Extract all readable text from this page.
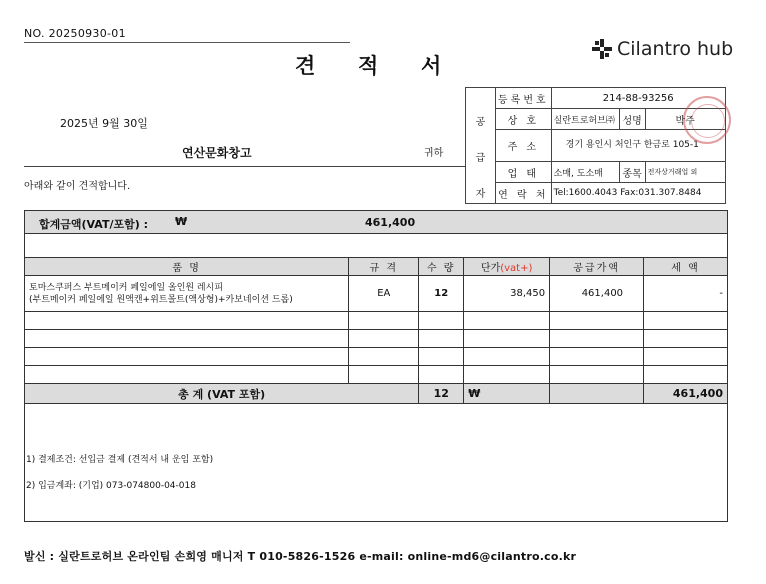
NO. 20250930-01
견 적 서
Cilantro hub
2025년 9월 30일
연산문화창고	귀하
아래와 같이 견적합니다.
공	등록번호	214-88-93256		
	상 호	실란트로허브㈜	성명	박주
급	주 소	경기 용인시 처인구 한금로 105-1		
	업 태	소매, 도소매	종목	전자상거래업 외
자	연 락 처	Tel:1600.4043 Fax:031.307.8484		
합계금액(VAT/포함) : ₩	461,400
품 명	규 격	수 량	단가(vat+)	공급가액	세 액

토마스쿠퍼스 부트메이커 페일에일 올인원 레시피
(부트메이커 페일에일 원액캔+위트몰트(액상형)+카보네이션 드롭)	EA	12	38,450	461,400	-

총 계 (VAT 포함)		12	₩		461,400
1) 결제조건: 선입금 결제 (견적서 내 운임 포함)
2) 입금계좌: (기업) 073-074800-04-018
발신 : 실란트로허브 온라인팀 손희영 매니저 T 010-5826-1526 e-mail: online-md6@cilantro.co.kr
